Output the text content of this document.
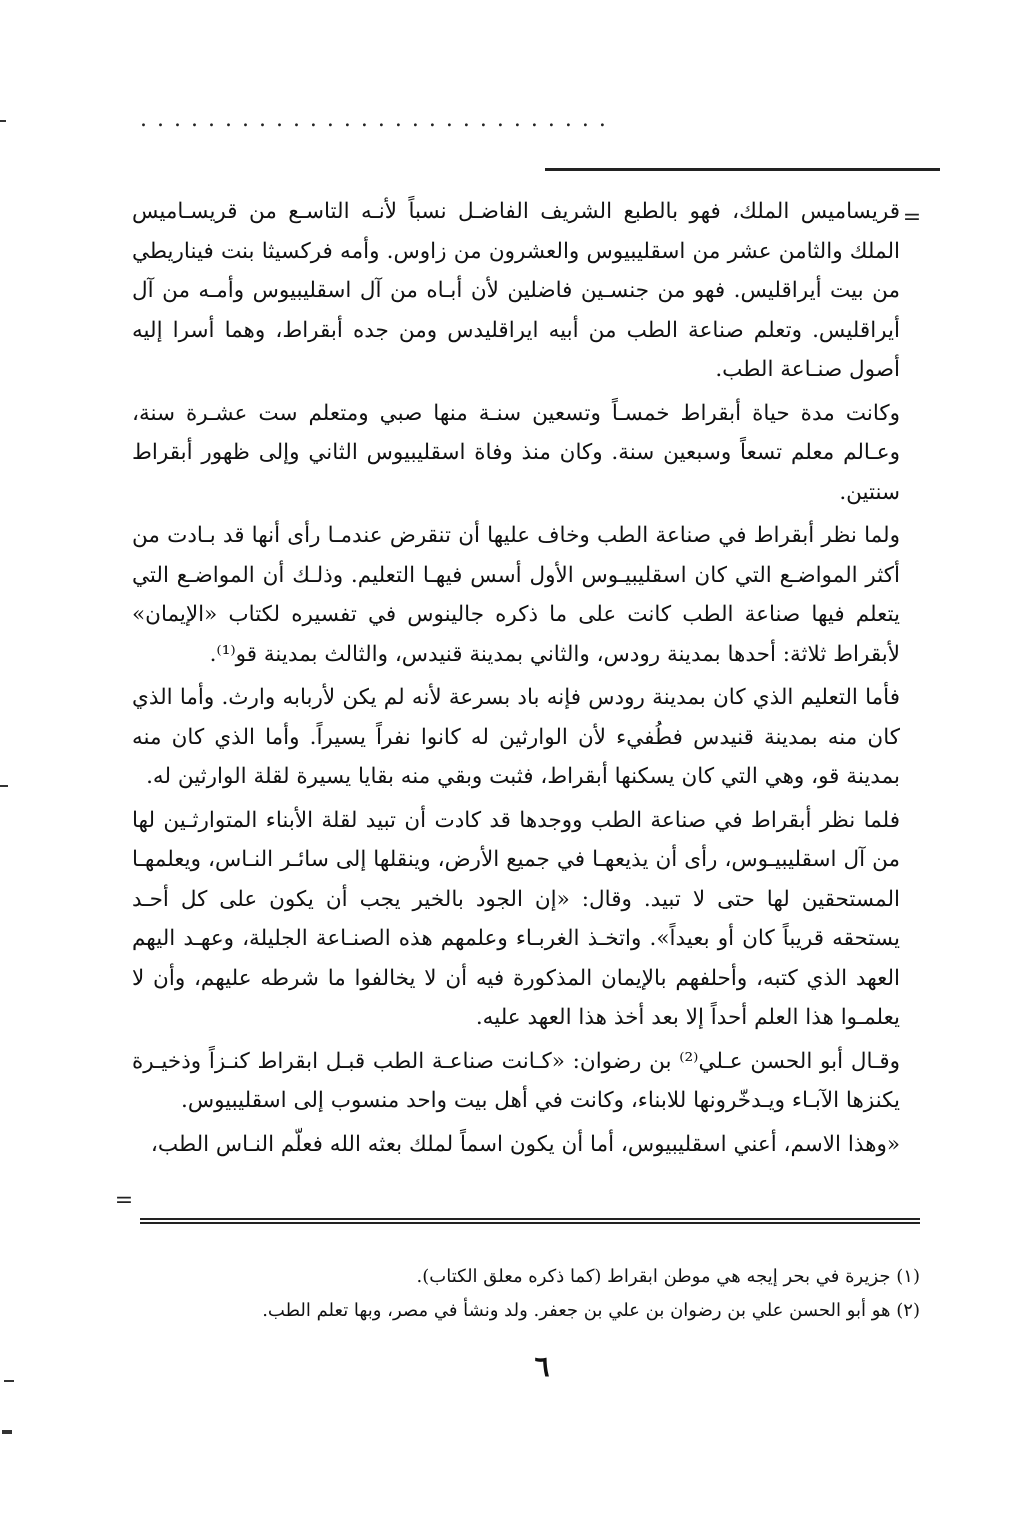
............................
=

قريساميس الملك، فهو بالطبع الشريف الفاضـل نسباً لأنـه التاسـع من قريسـاميس الملك والثامن عشر من اسقليبيوس والعشرون من زاوس. وأمه فركسيثا بنت فيناريطي من بيت أيراقليس. فهو من جنسـين فاضلين لأن أبـاه من آل اسقليبيوس وأمـه من آل أيراقليس. وتعلم صناعة الطب من أبيه ايراقليدس ومن جده أبقراط، وهما أسرا إليه أصول صنـاعة الطب.

وكانت مدة حياة أبقراط خمسـاً وتسعين سنـة منها صبي ومتعلم ست عشـرة سنة، وعـالم معلم تسعاً وسبعين سنة. وكان منذ وفاة اسقليبيوس الثاني وإلى ظهور أبقراط سنتين.

ولما نظر أبقراط في صناعة الطب وخاف عليها أن تنقرض عندمـا رأى أنها قد بـادت من أكثر المواضـع التي كان اسقليبيـوس الأول أسس فيهـا التعليم. وذلـك أن المواضـع التي يتعلم فيها صناعة الطب كانت على ما ذكره جالينوس في تفسيره لكتاب «الإيمان» لأبقراط ثلاثة: أحدها بمدينة رودس، والثاني بمدينة قنيدس، والثالث بمدينة قو⁽¹⁾.

فأما التعليم الذي كان بمدينة رودس فإنه باد بسرعة لأنه لم يكن لأربابه وارث. وأما الذي كان منه بمدينة قنيدس فطُفيء لأن الوارثين له كانوا نفراً يسيراً. وأما الذي كان منه بمدينة قو، وهي التي كان يسكنها أبقراط، فثبت وبقي منه بقايا يسيرة لقلة الوارثين له.

فلما نظر أبقراط في صناعة الطب ووجدها قد كادت أن تبيد لقلة الأبناء المتوارثـين لها من آل اسقليبيـوس، رأى أن يذيعهـا في جميع الأرض، وينقلها إلى سائـر النـاس، ويعلمهـا المستحقين لها حتى لا تبيد. وقال: «إن الجود بالخير يجب أن يكون على كل أحـد يستحقه قريباً كان أو بعيداً». واتخـذ الغربـاء وعلمهم هذه الصنـاعة الجليلة، وعهـد اليهم العهد الذي كتبه، وأحلفهم بالإيمان المذكورة فيه أن لا يخالفوا ما شرطه عليهم، وأن لا يعلمـوا هذا العلم أحداً إلا بعد أخذ هذا العهد عليه.

وقـال أبو الحسن عـلي⁽²⁾ بن رضوان: «كـانت صناعـة الطب قبـل ابقراط كنـزاً وذخيـرة يكنزها الآبـاء ويـدخّرونها للابناء، وكانت في أهل بيت واحد منسوب إلى اسقليبيوس.

«وهذا الاسم، أعني اسقليبيوس، أما أن يكون اسماً لملك بعثه الله فعلّم النـاس الطب،

=

(١) جزيرة في بحر إيجه هي موطن ابقراط (كما ذكره معلق الكتاب).

(٢) هو أبو الحسن علي بن رضوان بن علي بن جعفر. ولد ونشأ في مصر، وبها تعلم الطب.

٦
